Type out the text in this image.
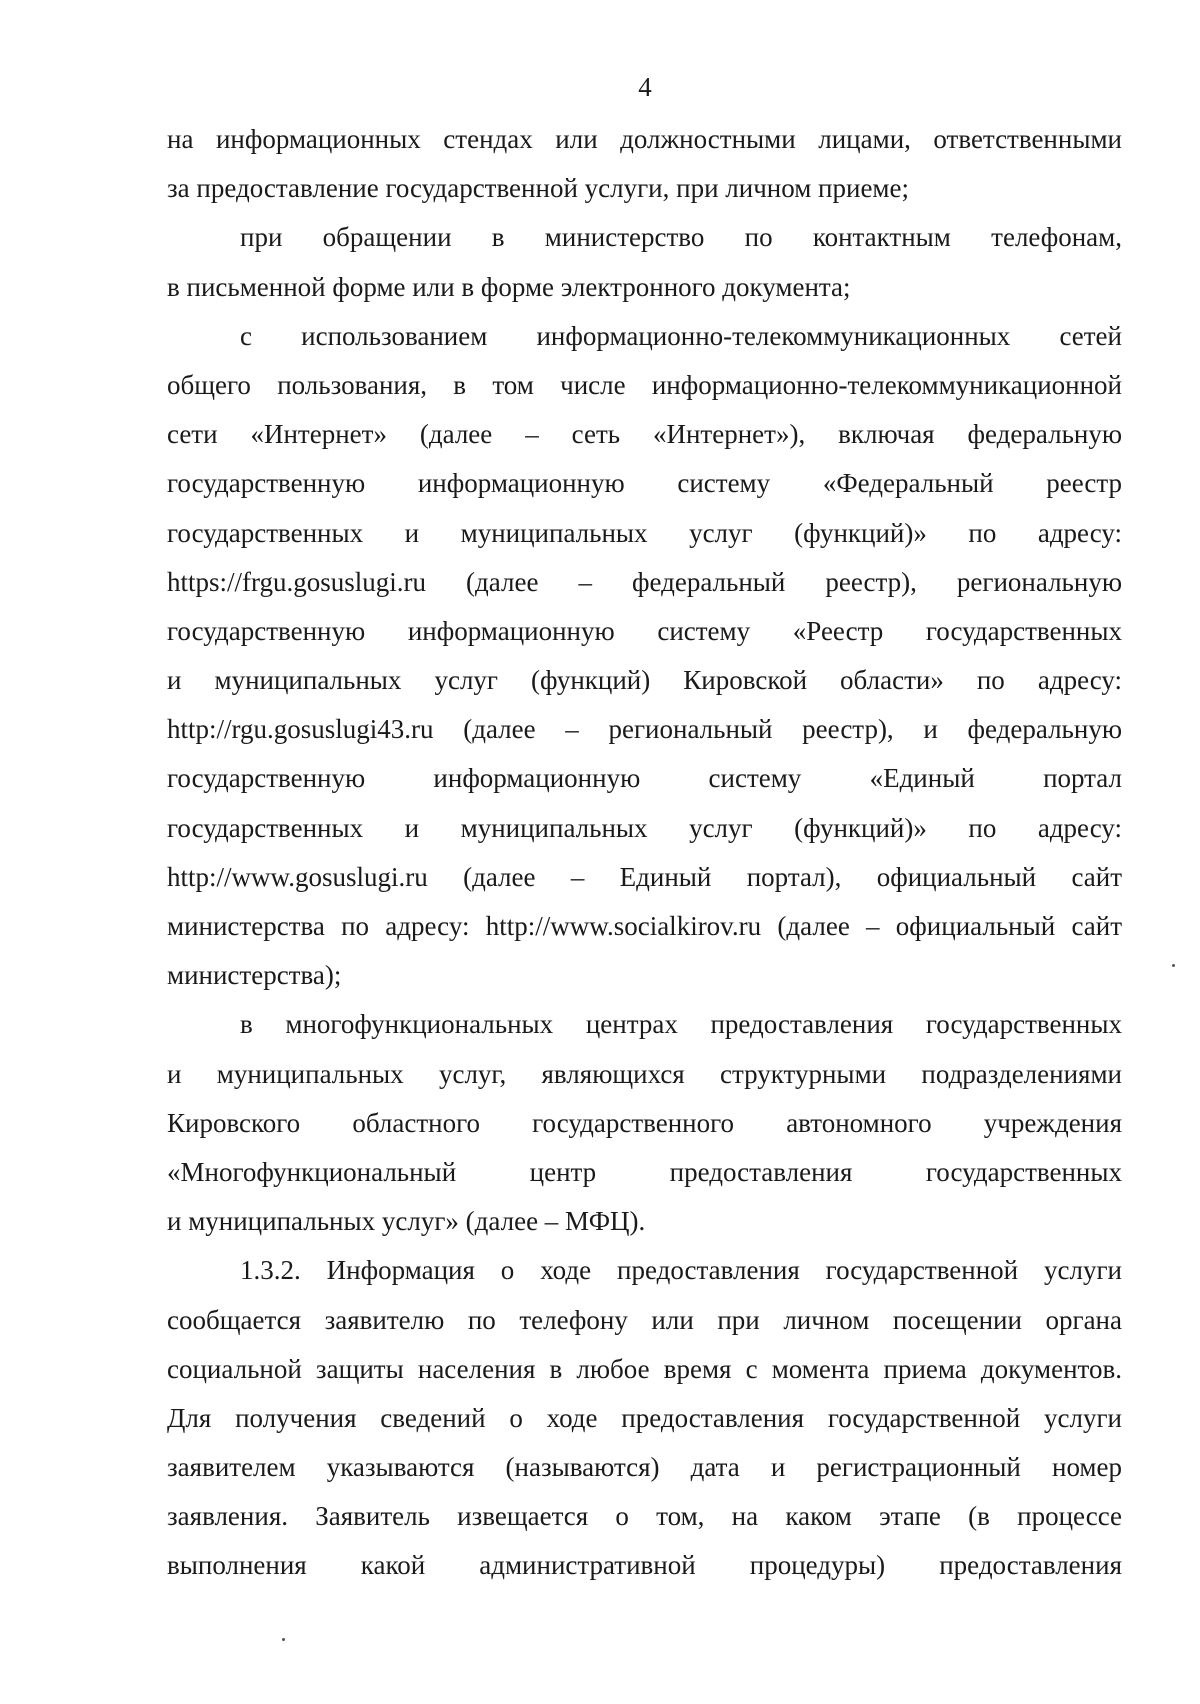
4
на информационных стендах или должностными лицами, ответственными
за предоставление государственной услуги, при личном приеме;
при обращении в министерство по контактным телефонам,
в письменной форме или в форме электронного документа;
с использованием информационно-телекоммуникационных сетей
общего пользования, в том числе информационно-телекоммуникационной
сети «Интернет» (далее – сеть «Интернет»), включая федеральную
государственную информационную систему «Федеральный реестр
государственных и муниципальных услуг (функций)» по адресу:
https://frgu.gosuslugi.ru (далее – федеральный реестр), региональную
государственную информационную систему «Реестр государственных
и муниципальных услуг (функций) Кировской области» по адресу:
http://rgu.gosuslugi43.ru (далее – региональный реестр), и федеральную
государственную информационную систему «Единый портал
государственных и муниципальных услуг (функций)» по адресу:
http://www.gosuslugi.ru (далее – Единый портал), официальный сайт
министерства по адресу: http://www.socialkirov.ru (далее – официальный сайт
министерства);
в многофункциональных центрах предоставления государственных
и муниципальных услуг, являющихся структурными подразделениями
Кировского областного государственного автономного учреждения
«Многофункциональный центр предоставления государственных
и муниципальных услуг» (далее – МФЦ).
1.3.2. Информация о ходе предоставления государственной услуги
сообщается заявителю по телефону или при личном посещении органа
социальной защиты населения в любое время с момента приема документов.
Для получения сведений о ходе предоставления государственной услуги
заявителем указываются (называются) дата и регистрационный номер
заявления. Заявитель извещается о том, на каком этапе (в процессе
выполнения какой административной процедуры) предоставления
